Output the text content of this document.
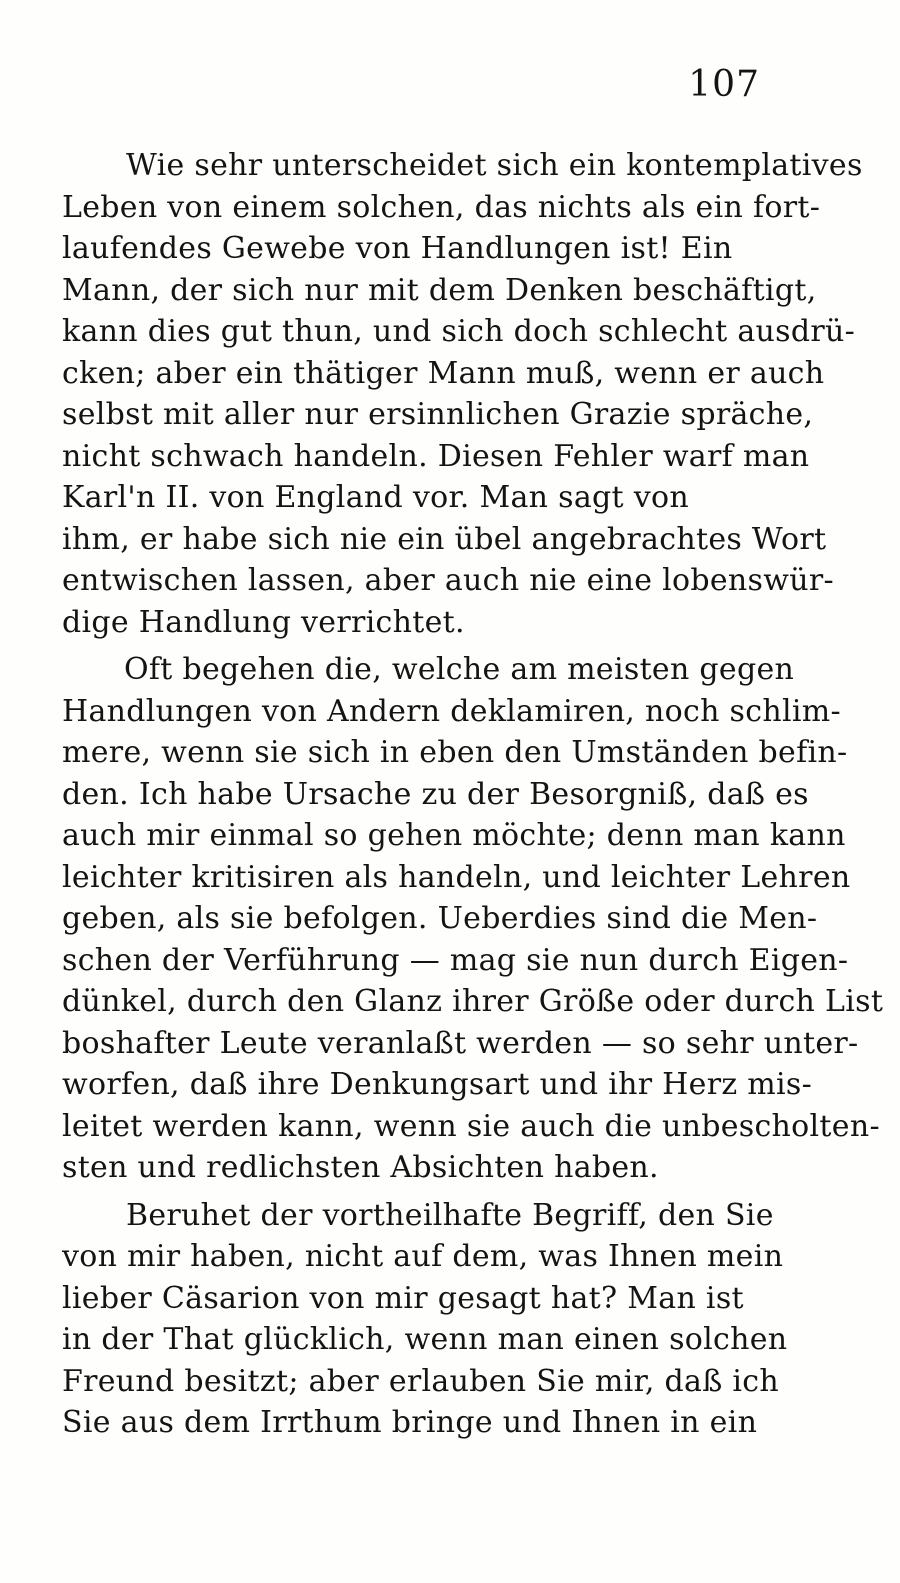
107
Wie sehr unterscheidet sich ein kontemplatives
Leben von einem solchen, das nichts als ein fort-
laufendes Gewebe von Handlungen ist! Ein
Mann, der sich nur mit dem Denken beschäftigt,
kann dies gut thun, und sich doch schlecht ausdrü-
cken; aber ein thätiger Mann muß, wenn er auch
selbst mit aller nur ersinnlichen Grazie spräche,
nicht schwach handeln. Diesen Fehler warf man
Karl'n II. von England vor. Man sagt von
ihm, er habe sich nie ein übel angebrachtes Wort
entwischen lassen, aber auch nie eine lobenswür-
dige Handlung verrichtet.
Oft begehen die, welche am meisten gegen
Handlungen von Andern deklamiren, noch schlim-
mere, wenn sie sich in eben den Umständen befin-
den. Ich habe Ursache zu der Besorgniß, daß es
auch mir einmal so gehen möchte; denn man kann
leichter kritisiren als handeln, und leichter Lehren
geben, als sie befolgen. Ueberdies sind die Men-
schen der Verführung — mag sie nun durch Eigen-
dünkel, durch den Glanz ihrer Größe oder durch List
boshafter Leute veranlaßt werden — so sehr unter-
worfen, daß ihre Denkungsart und ihr Herz mis-
leitet werden kann, wenn sie auch die unbescholten-
sten und redlichsten Absichten haben.
Beruhet der vortheilhafte Begriff, den Sie
von mir haben, nicht auf dem, was Ihnen mein
lieber Cäsarion von mir gesagt hat? Man ist
in der That glücklich, wenn man einen solchen
Freund besitzt; aber erlauben Sie mir, daß ich
Sie aus dem Irrthum bringe und Ihnen in ein
